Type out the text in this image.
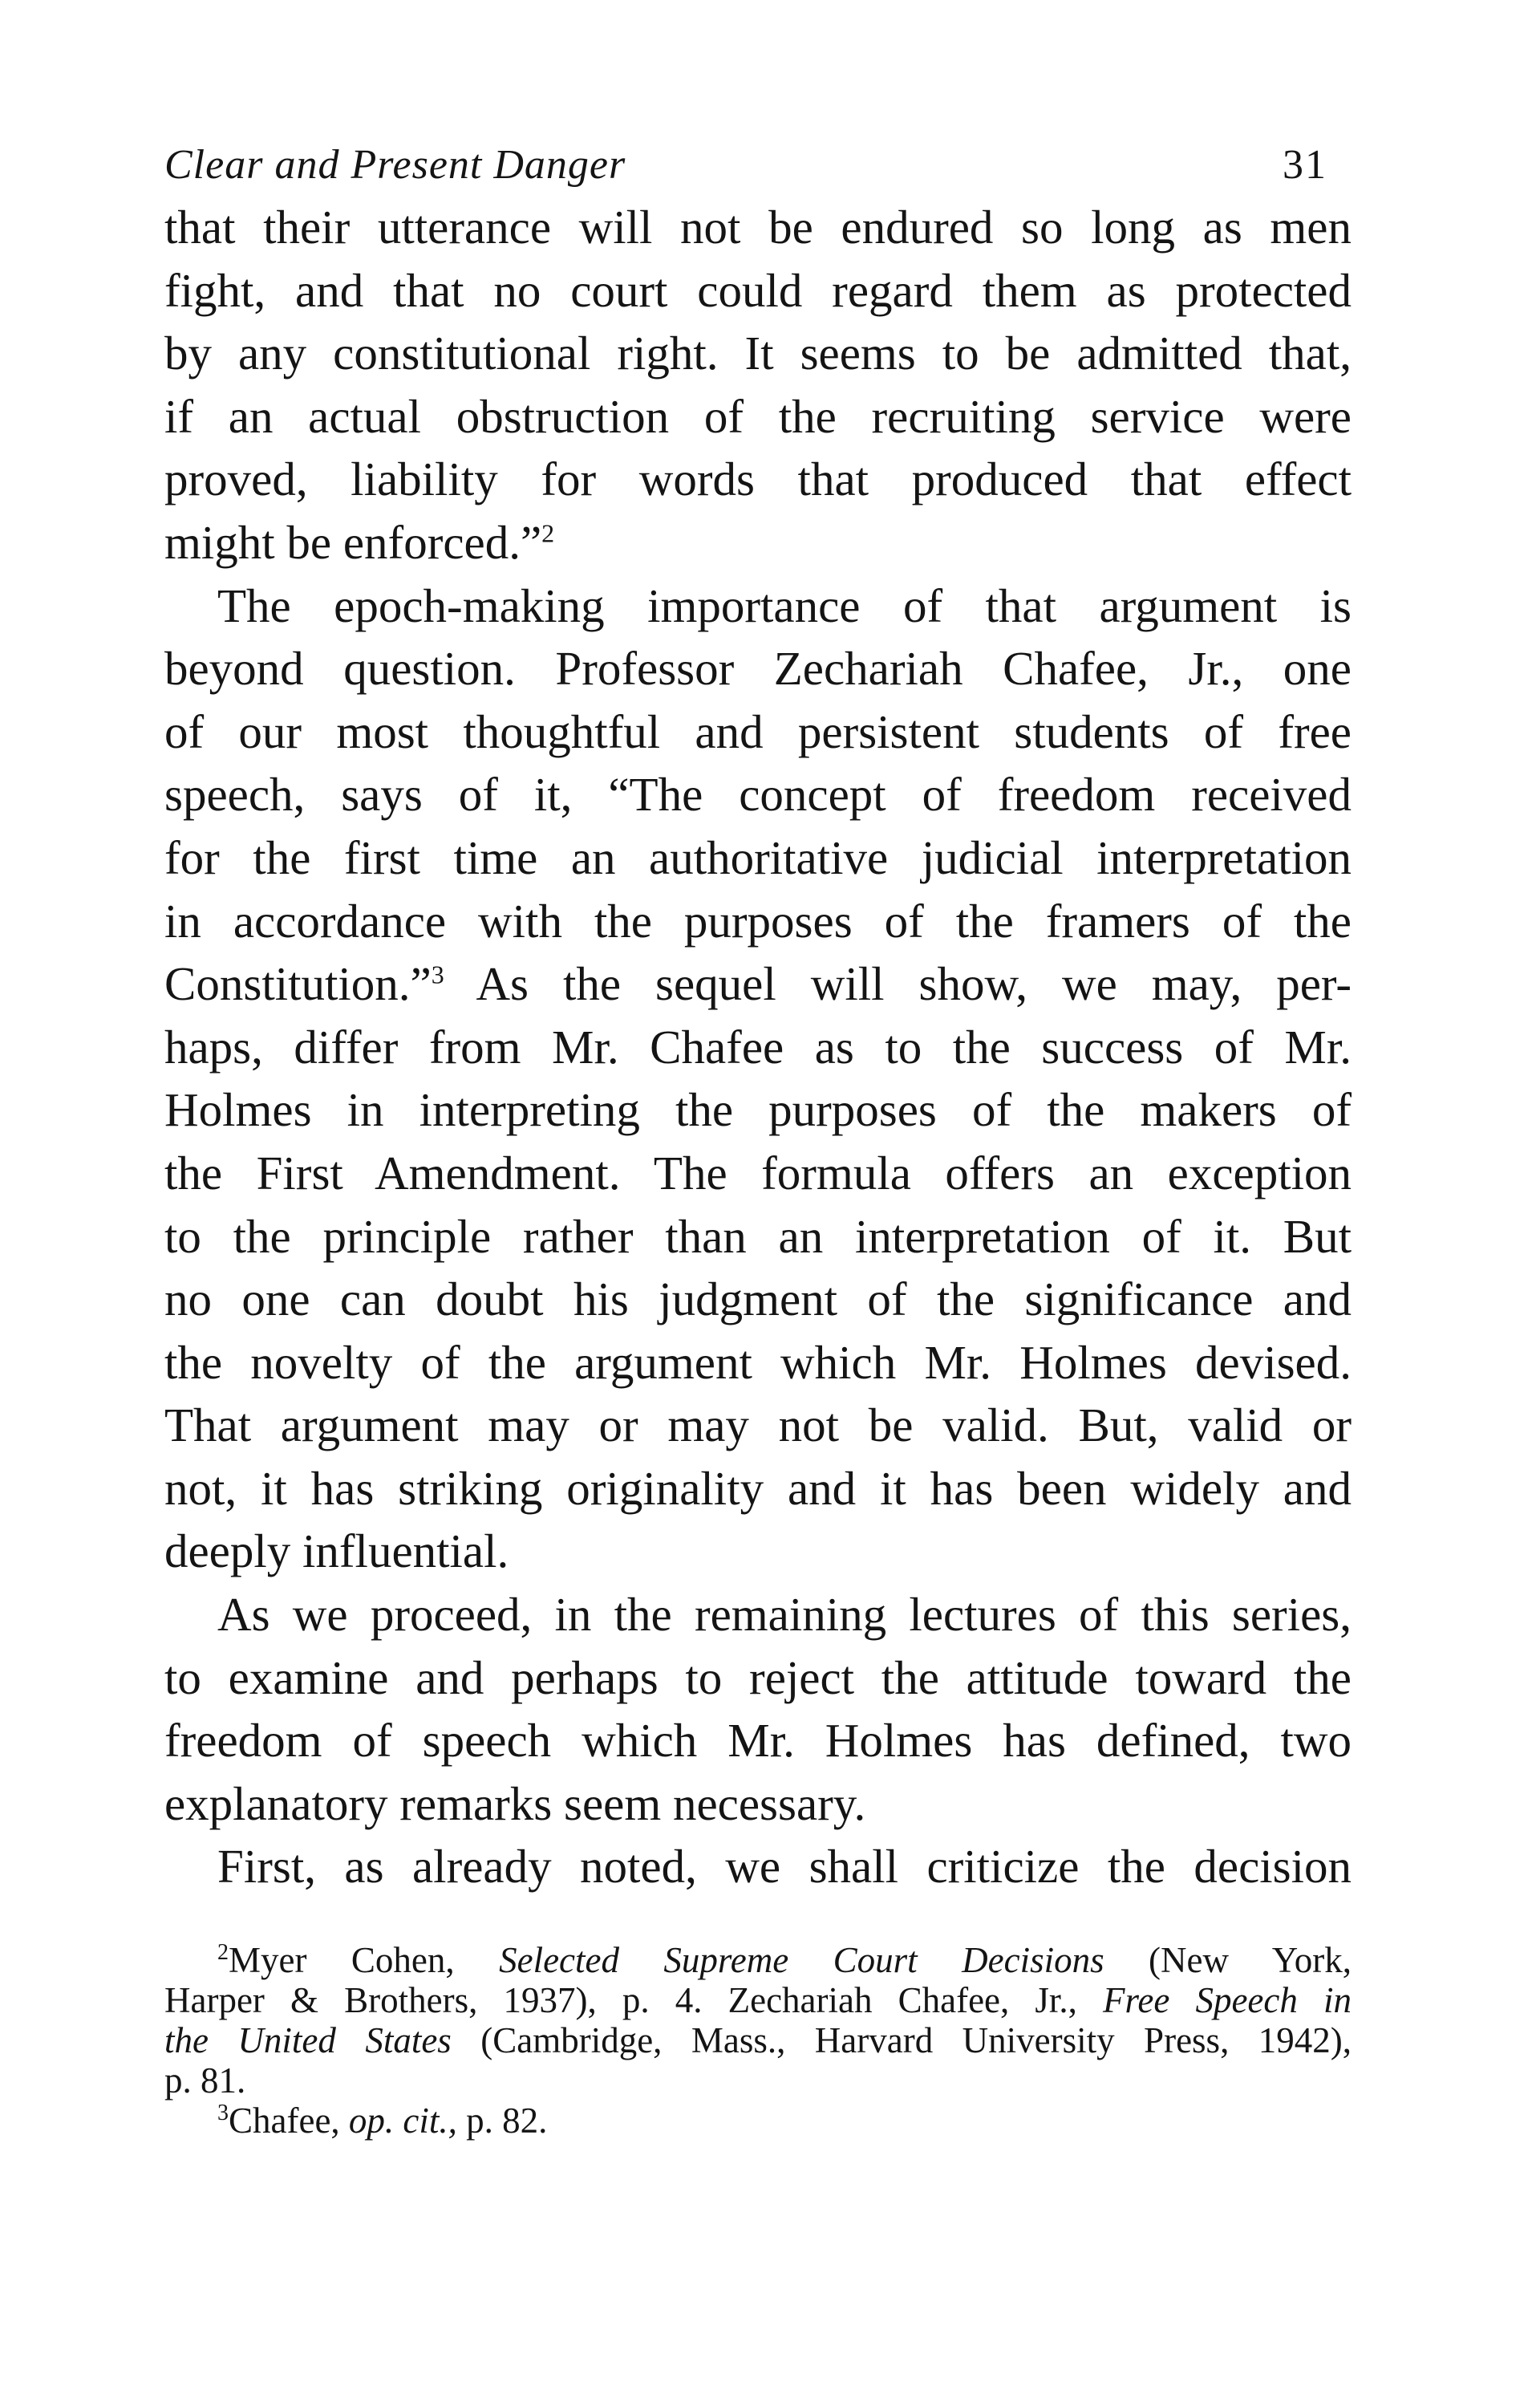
Clear and Present Danger	31

that their utterance will not be endured so long as men
fight, and that no court could regard them as protected
by any constitutional right. It seems to be admitted that,
if an actual obstruction of the recruiting service were
proved, liability for words that produced that effect
might be enforced.”$^2$

The epoch-making importance of that argument is
beyond question. Professor Zechariah Chafee, Jr., one
of our most thoughtful and persistent students of free
speech, says of it, “The concept of freedom received
for the first time an authoritative judicial interpretation
in accordance with the purposes of the framers of the
Constitution.”$^3$ As the sequel will show, we may, per-
haps, differ from Mr. Chafee as to the success of Mr.
Holmes in interpreting the purposes of the makers of
the First Amendment. The formula offers an exception
to the principle rather than an interpretation of it. But
no one can doubt his judgment of the significance and
the novelty of the argument which Mr. Holmes devised.
That argument may or may not be valid. But, valid or
not, it has striking originality and it has been widely and
deeply influential.

As we proceed, in the remaining lectures of this series,
to examine and perhaps to reject the attitude toward the
freedom of speech which Mr. Holmes has defined, two
explanatory remarks seem necessary.

First, as already noted, we shall criticize the decision

$^2$Myer Cohen, Selected Supreme Court Decisions (New York,
Harper & Brothers, 1937), p. 4. Zechariah Chafee, Jr., Free Speech in
the United States (Cambridge, Mass., Harvard University Press, 1942),
p. 81.

$^3$Chafee, op. cit., p. 82.
